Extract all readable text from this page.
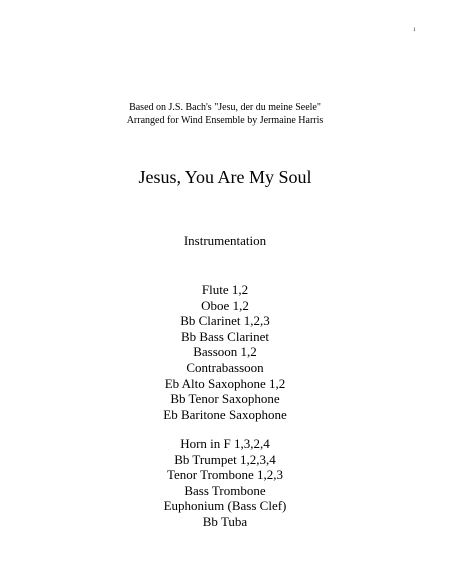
1
Based on J.S. Bach's "Jesu, der du meine Seele"
Arranged for Wind Ensemble by Jermaine Harris
Jesus, You Are My Soul
Instrumentation
Flute 1,2
Oboe 1,2
Bb Clarinet 1,2,3
Bb Bass Clarinet
Bassoon 1,2
Contrabassoon
Eb Alto Saxophone 1,2
Bb Tenor Saxophone
Eb Baritone Saxophone
Horn in F 1,3,2,4
Bb Trumpet 1,2,3,4
Tenor Trombone 1,2,3
Bass Trombone
Euphonium (Bass Clef)
Bb Tuba
